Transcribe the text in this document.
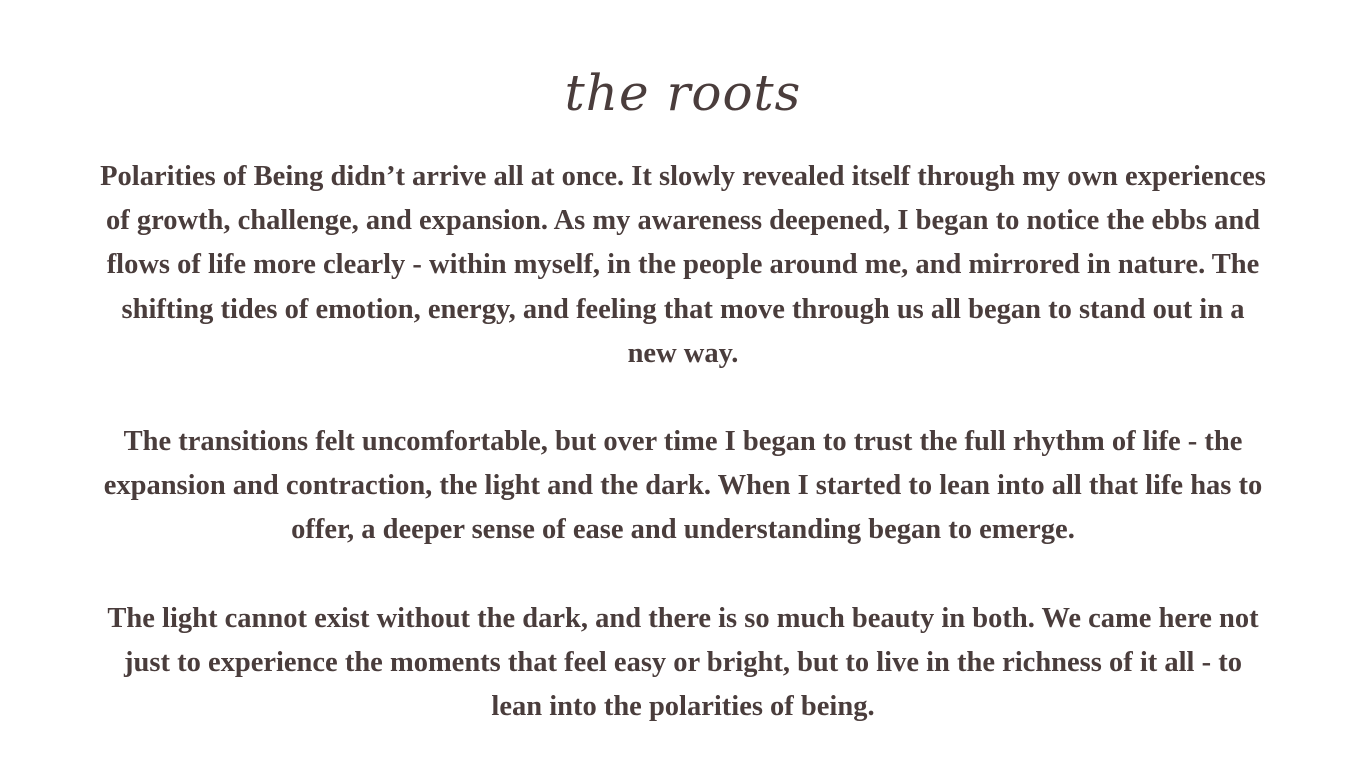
the roots

Polarities of Being didn’t arrive all at once. It slowly revealed itself through my own experiences of growth, challenge, and expansion. As my awareness deepened, I began to notice the ebbs and flows of life more clearly - within myself, in the people around me, and mirrored in nature. The shifting tides of emotion, energy, and feeling that move through us all began to stand out in a new way.

The transitions felt uncomfortable, but over time I began to trust the full rhythm of life - the expansion and contraction, the light and the dark. When I started to lean into all that life has to offer, a deeper sense of ease and understanding began to emerge.

The light cannot exist without the dark, and there is so much beauty in both. We came here not just to experience the moments that feel easy or bright, but to live in the richness of it all - to lean into the polarities of being.
